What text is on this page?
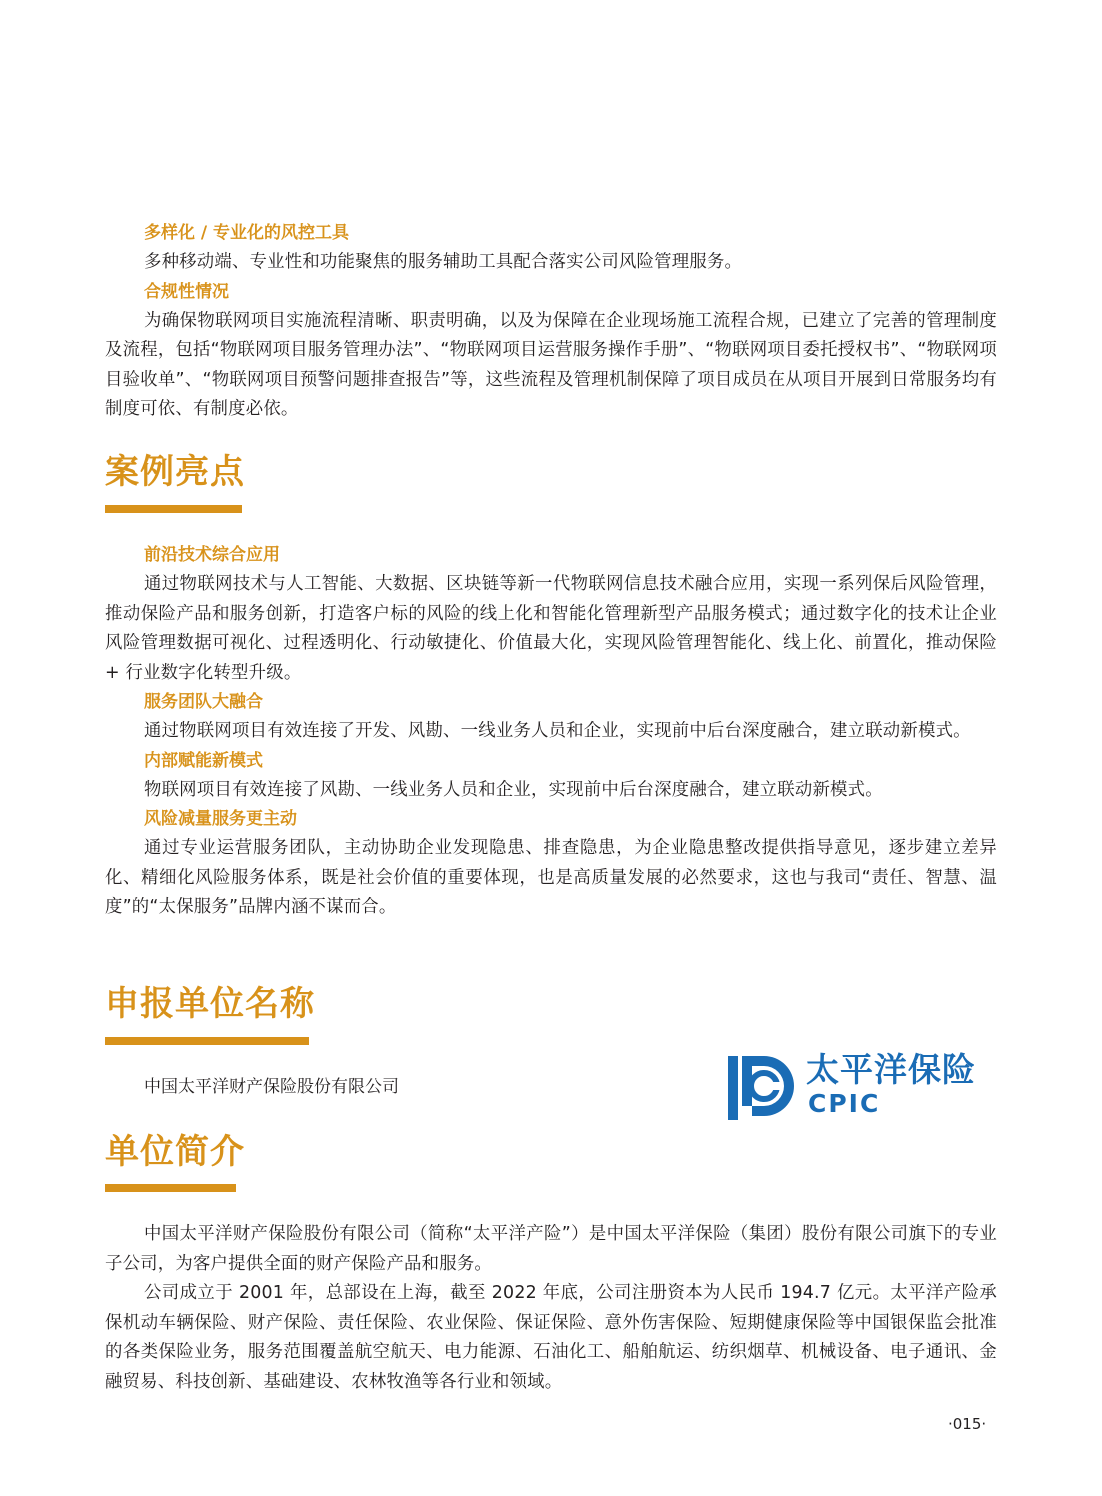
多样化 / 专业化的风控工具

多种移动端、专业性和功能聚焦的服务辅助工具配合落实公司风险管理服务。

合规性情况

为确保物联网项目实施流程清晰、职责明确，以及为保障在企业现场施工流程合规，已建立了完善的管理制度及流程，包括“物联网项目服务管理办法”、“物联网项目运营服务操作手册”、“物联网项目委托授权书”、“物联网项目验收单”、“物联网项目预警问题排查报告”等，这些流程及管理机制保障了项目成员在从项目开展到日常服务均有制度可依、有制度必依。

案例亮点

前沿技术综合应用

通过物联网技术与人工智能、大数据、区块链等新一代物联网信息技术融合应用，实现一系列保后风险管理，推动保险产品和服务创新，打造客户标的风险的线上化和智能化管理新型产品服务模式；通过数字化的技术让企业风险管理数据可视化、过程透明化、行动敏捷化、价值最大化，实现风险管理智能化、线上化、前置化，推动保险 + 行业数字化转型升级。

服务团队大融合

通过物联网项目有效连接了开发、风勘、一线业务人员和企业，实现前中后台深度融合，建立联动新模式。

内部赋能新模式

物联网项目有效连接了风勘、一线业务人员和企业，实现前中后台深度融合，建立联动新模式。

风险减量服务更主动

通过专业运营服务团队，主动协助企业发现隐患、排查隐患，为企业隐患整改提供指导意见，逐步建立差异化、精细化风险服务体系，既是社会价值的重要体现，也是高质量发展的必然要求，这也与我司“责任、智慧、温度”的“太保服务”品牌内涵不谋而合。

申报单位名称
中国太平洋财产保险股份有限公司	太平洋保险
CPIC
单位简介

中国太平洋财产保险股份有限公司（简称“太平洋产险”）是中国太平洋保险（集团）股份有限公司旗下的专业子公司，为客户提供全面的财产保险产品和服务。

公司成立于 2001 年，总部设在上海，截至 2022 年底，公司注册资本为人民币 194.7 亿元。太平洋产险承保机动车辆保险、财产保险、责任保险、农业保险、保证保险、意外伤害保险、短期健康保险等中国银保监会批准的各类保险业务，服务范围覆盖航空航天、电力能源、石油化工、船舶航运、纺织烟草、机械设备、电子通讯、金融贸易、科技创新、基础建设、农林牧渔等各行业和领域。

·015·
